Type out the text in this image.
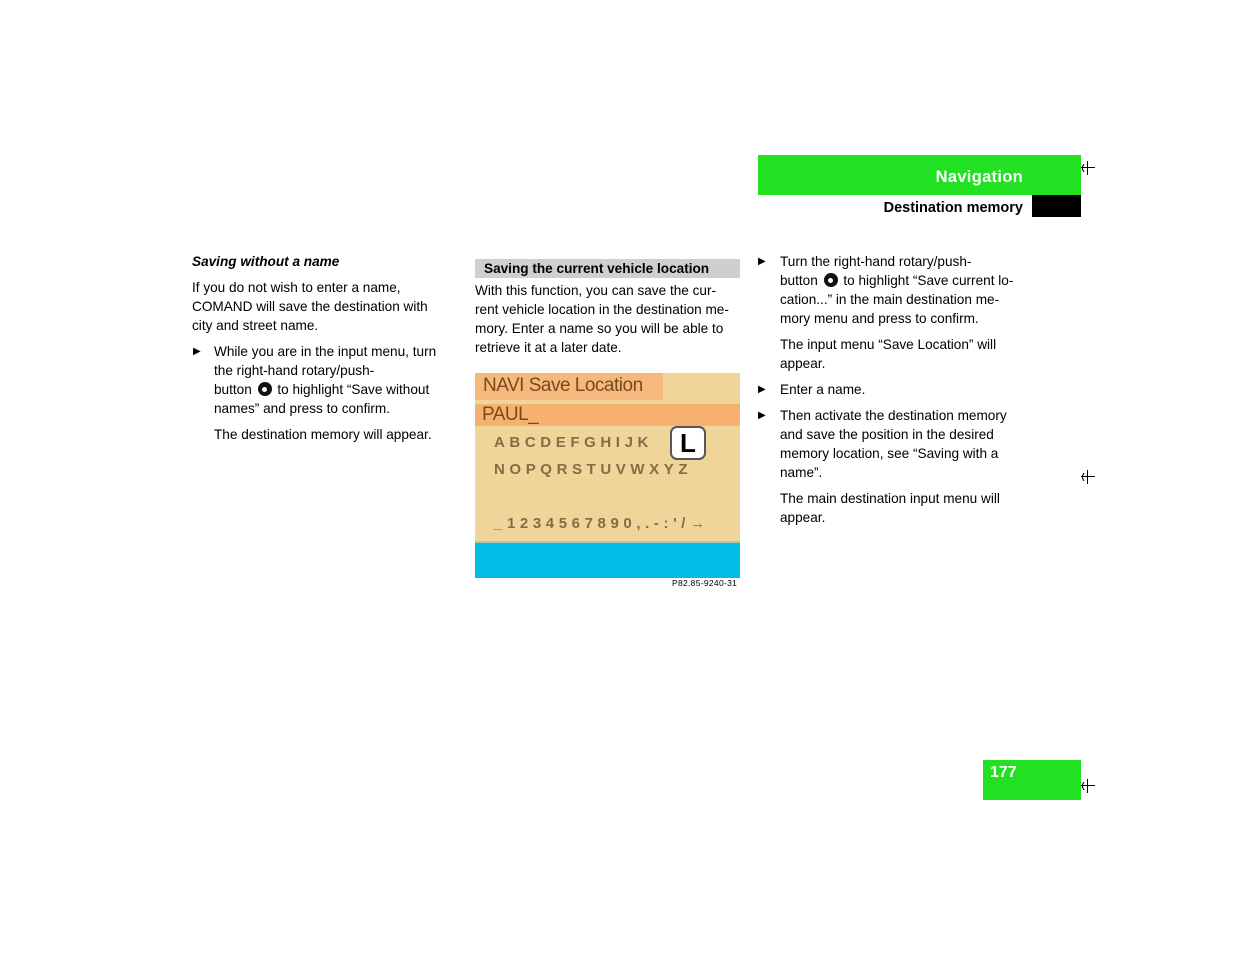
Navigation
Destination memory
Saving without a name
If you do not wish to enter a name,
COMAND will save the destination with
city and street name.
▶ While you are in the input menu, turn
the right-hand rotary/push-
button to highlight “Save without
names” and press to confirm.
The destination memory will appear.
Saving the current vehicle location
With this function, you can save the cur-
rent vehicle location in the destination me-
mory. Enter a name so you will be able to
retrieve it at a later date.
NAVI Save Location
PAUL_
ABCDEFGHIJK
NOPQRSTUVWXYZ
_1234567890,.-:'/→
L
P82.85-9240-31
▶ Turn the right-hand rotary/push-
button to highlight “Save current lo-
cation...” in the main destination me-
mory menu and press to confirm.
The input menu “Save Location” will
appear.
▶ Enter a name.
▶ Then activate the destination memory
and save the position in the desired
memory location, see “Saving with a
name”.
The main destination input menu will
appear.
177
